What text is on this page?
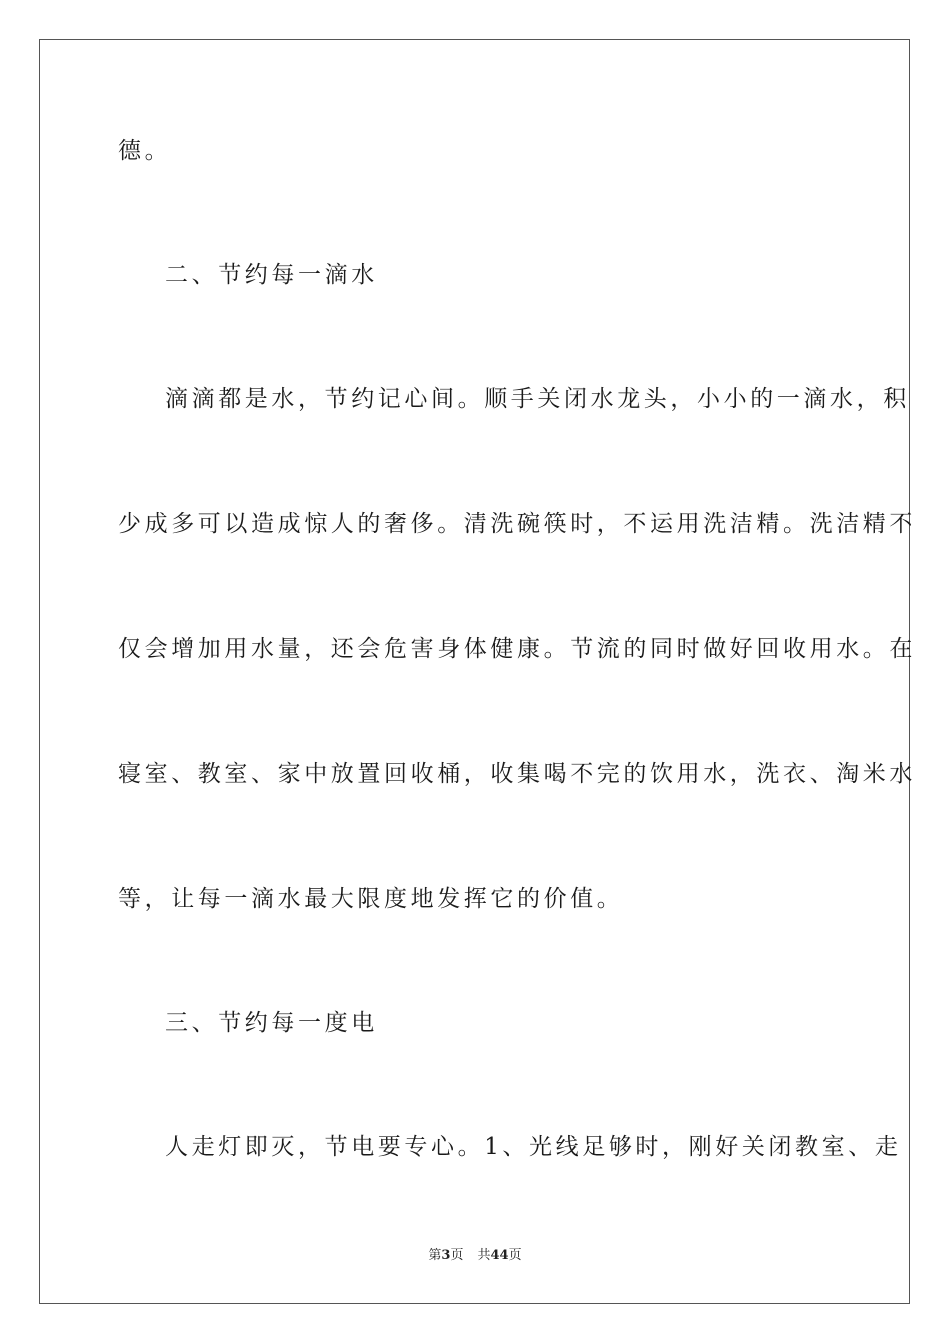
德。
二、节约每一滴水
滴滴都是水，节约记心间。顺手关闭水龙头，小小的一滴水，积
少成多可以造成惊人的奢侈。清洗碗筷时，不运用洗洁精。洗洁精不
仅会增加用水量，还会危害身体健康。节流的同时做好回收用水。在
寝室、教室、家中放置回收桶，收集喝不完的饮用水，洗衣、淘米水
等，让每一滴水最大限度地发挥它的价值。
三、节约每一度电
人走灯即灭，节电要专心。1、光线足够时，刚好关闭教室、走
第3页 共44页
